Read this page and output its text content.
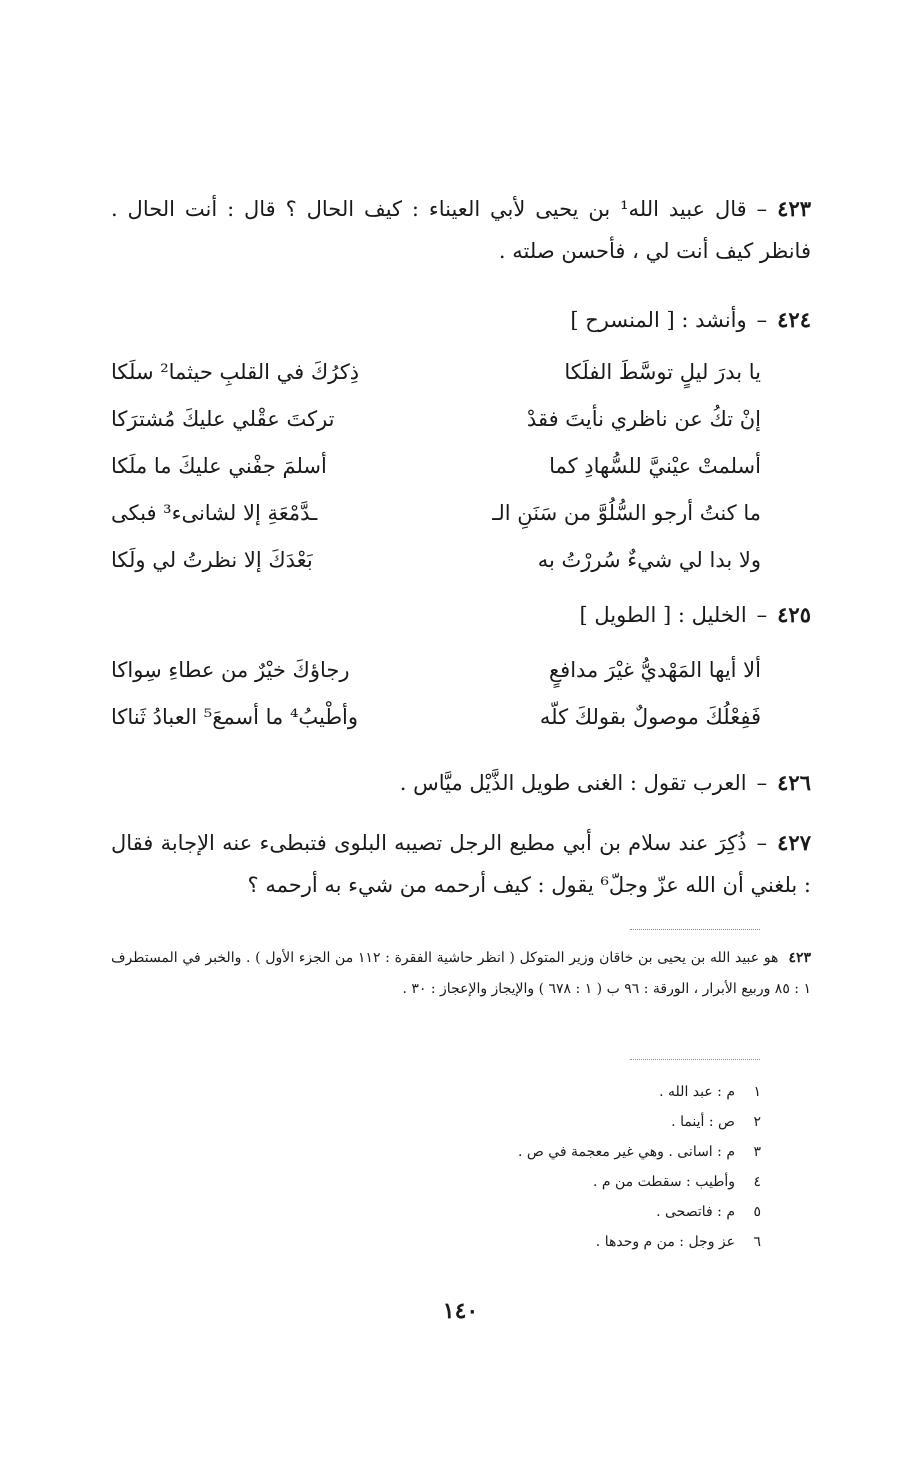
٤٢٣–قال عبيد الله¹ بن يحيى لأبي العيناء : كيف الحال ؟ قال : أنت الحال . فانظر كيف أنت لي ، فأحسن صلته .
٤٢٤–وأنشد : [ المنسرح ]
يا بدرَ ليلٍ توسَّطَ الفلَكا
ذِكرُكَ في القلبِ حيثما² سلَكا
إنْ تكُ عن ناظري نأيتَ فقدْ
تركتَ عقْلي عليكَ مُشترَكا
أسلمتْ عيْنيَّ للسُّهادِ كما
أسلمَ جفْني عليكَ ما ملَكا
ما كنتُ أرجو السُّلُوَّ من سَنَنِ الـ
ـدَّمْعَةِ إلا لشانىء³ فبكى
ولا بدا لي شيءٌ سُررْتُ به
بَعْدَكَ إلا نظرتُ لي ولَكا
٤٢٥–الخليل : [ الطويل ]
ألا أيها المَهْديُّ غيْرَ مدافعٍ
رجاؤكَ خيْرٌ من عطاءِ سِواكا
فَفِعْلُكَ موصولٌ بقولكَ كلّه
وأطْيبُ⁴ ما أسمعَ⁵ العبادُ ثَناكا
٤٢٦–العرب تقول : الغنى طويل الذَّيْل ميَّاس .
٤٢٧–ذُكِرَ عند سلام بن أبي مطيع الرجل تصيبه البلوى فتبطىء عنه الإجابة فقال : بلغني أن الله عزّ وجلّ⁶ يقول : كيف أرحمه من شيء به أرحمه ؟
٤٢٣هو عبيد الله بن يحيى بن خاقان وزير المتوكل ( انظر حاشية الفقرة : ١١٢ من الجزء الأول ) . والخبر في المستطرف ١ : ٨٥ وربيع الأبرار ، الورقة : ٩٦ ب ( ١ : ٦٧٨ ) والإيجاز والإعجاز : ٣٠ .
١
م : عبد الله .
٢
ص : أينما .
٣
م : اسانى . وهي غير معجمة في ص .
٤
وأطيب : سقطت من م .
٥
م : فاتصحى .
٦
عز وجل : من م وحدها .
١٤٠
